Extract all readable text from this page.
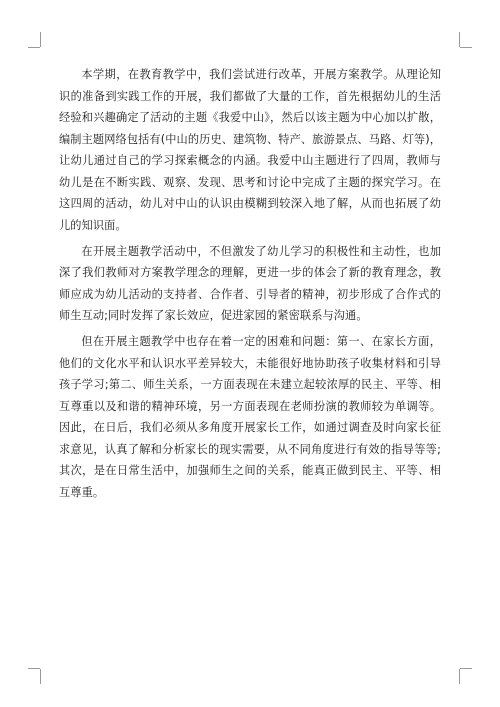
本学期，在教育教学中，我们尝试进行改革，开展方案教学。从理论知识的准备到实践工作的开展，我们都做了大量的工作，首先根据幼儿的生活经验和兴趣确定了活动的主题《我爱中山》，然后以该主题为中心加以扩散，编制主题网络包括有(中山的历史、建筑物、特产、旅游景点、马路、灯等)，让幼儿通过自己的学习探索概念的内涵。我爱中山主题进行了四周，教师与幼儿是在不断实践、观察、发现、思考和讨论中完成了主题的探究学习。在这四周的活动，幼儿对中山的认识由模糊到较深入地了解，从而也拓展了幼儿的知识面。

在开展主题教学活动中，不但激发了幼儿学习的积极性和主动性，也加深了我们教师对方案教学理念的理解，更进一步的体会了新的教育理念，教师应成为幼儿活动的支持者、合作者、引导者的精神，初步形成了合作式的师生互动;同时发挥了家长效应，促进家园的紧密联系与沟通。

但在开展主题教学中也存在着一定的困难和问题：第一、在家长方面，他们的文化水平和认识水平差异较大，未能很好地协助孩子收集材料和引导孩子学习;第二、师生关系，一方面表现在未建立起较浓厚的民主、平等、相互尊重以及和谐的精神环境，另一方面表现在老师扮演的教师较为单调等。因此，在日后，我们必须从多角度开展家长工作，如通过调查及时向家长征求意见，认真了解和分析家长的现实需要，从不同角度进行有效的指导等等;其次，是在日常生活中，加强师生之间的关系，能真正做到民主、平等、相互尊重。
